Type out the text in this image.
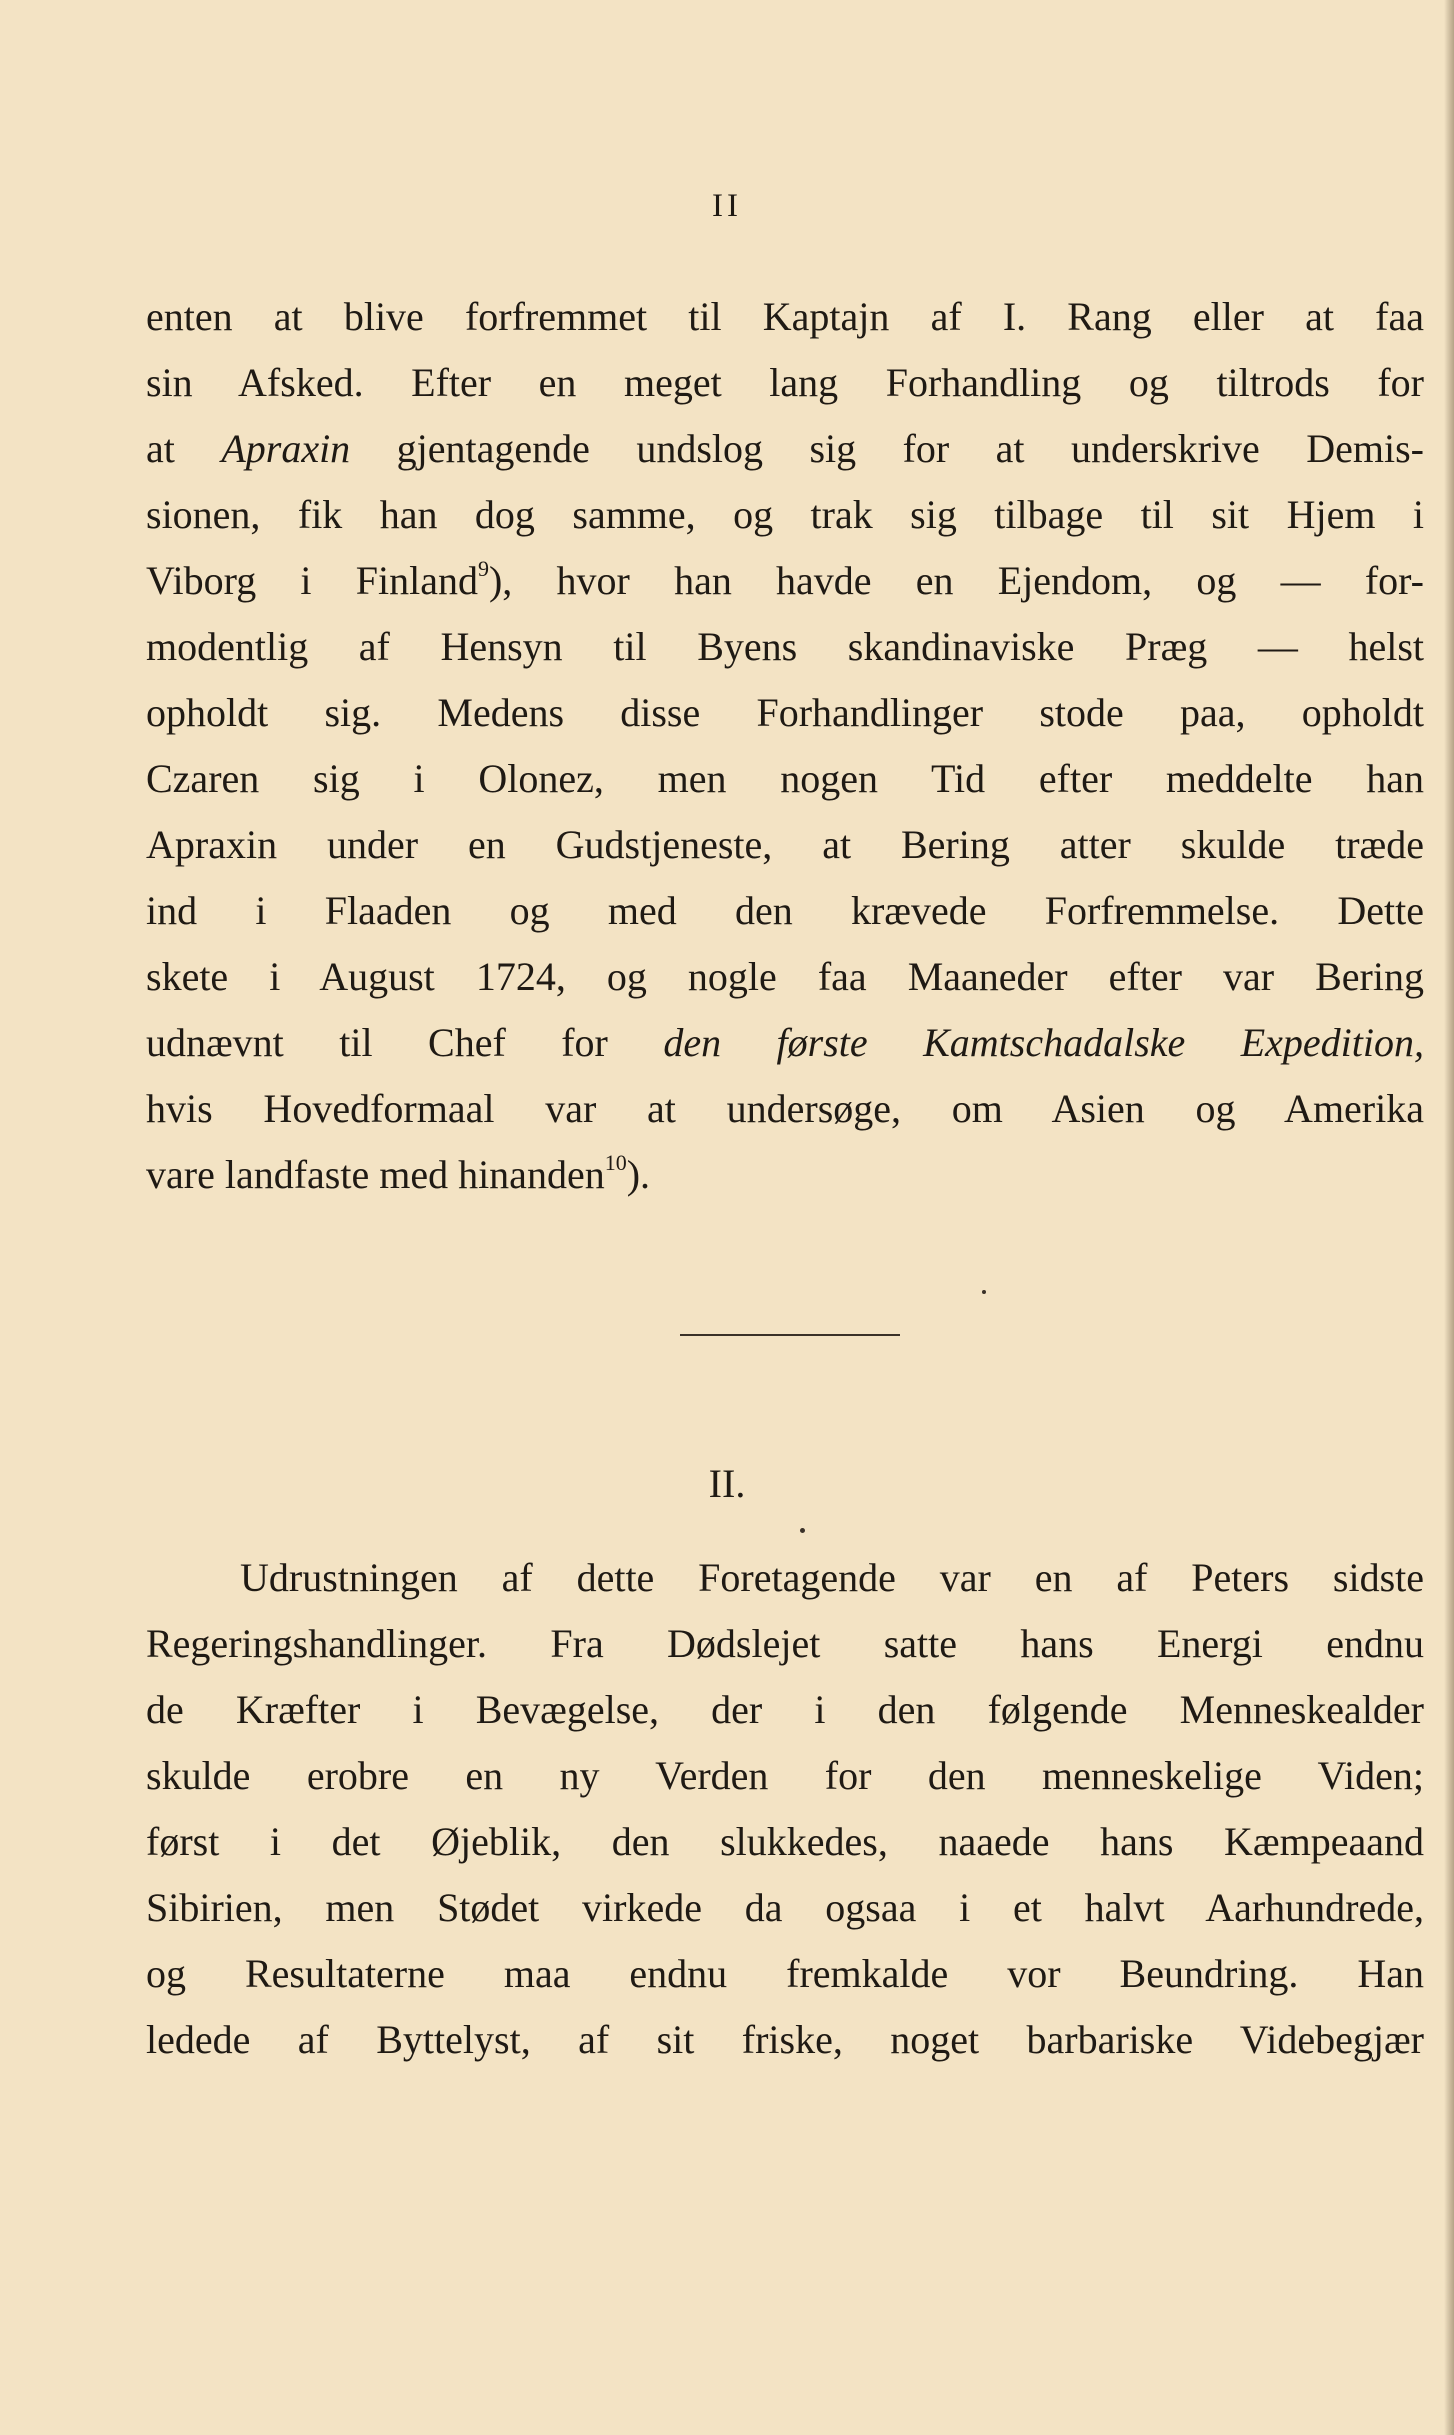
II
enten at blive forfremmet til Kaptajn af I. Rang eller at faa
sin Afsked. Efter en meget lang Forhandling og tiltrods for
at Apraxin gjentagende undslog sig for at underskrive Demis-
sionen, fik han dog samme, og trak sig tilbage til sit Hjem i
Viborg i Finland$^9$), hvor han havde en Ejendom, og — for-
modentlig af Hensyn til Byens skandinaviske Præg — helst
opholdt sig. Medens disse Forhandlinger stode paa, opholdt
Czaren sig i Olonez, men nogen Tid efter meddelte han
Apraxin under en Gudstjeneste, at Bering atter skulde træde
ind i Flaaden og med den krævede Forfremmelse. Dette
skete i August 1724, og nogle faa Maaneder efter var Bering
udnævnt til Chef for den første Kamtschadalske Expedition,
hvis Hovedformaal var at undersøge, om Asien og Amerika
vare landfaste med hinanden$^{10}$).
II.
Udrustningen af dette Foretagende var en af Peters sidste
Regeringshandlinger. Fra Dødslejet satte hans Energi endnu
de Kræfter i Bevægelse, der i den følgende Menneskealder
skulde erobre en ny Verden for den menneskelige Viden;
først i det Øjeblik, den slukkedes, naaede hans Kæmpeaand
Sibirien, men Stødet virkede da ogsaa i et halvt Aarhundrede,
og Resultaterne maa endnu fremkalde vor Beundring. Han
ledede af Byttelyst, af sit friske, noget barbariske Videbegjær
